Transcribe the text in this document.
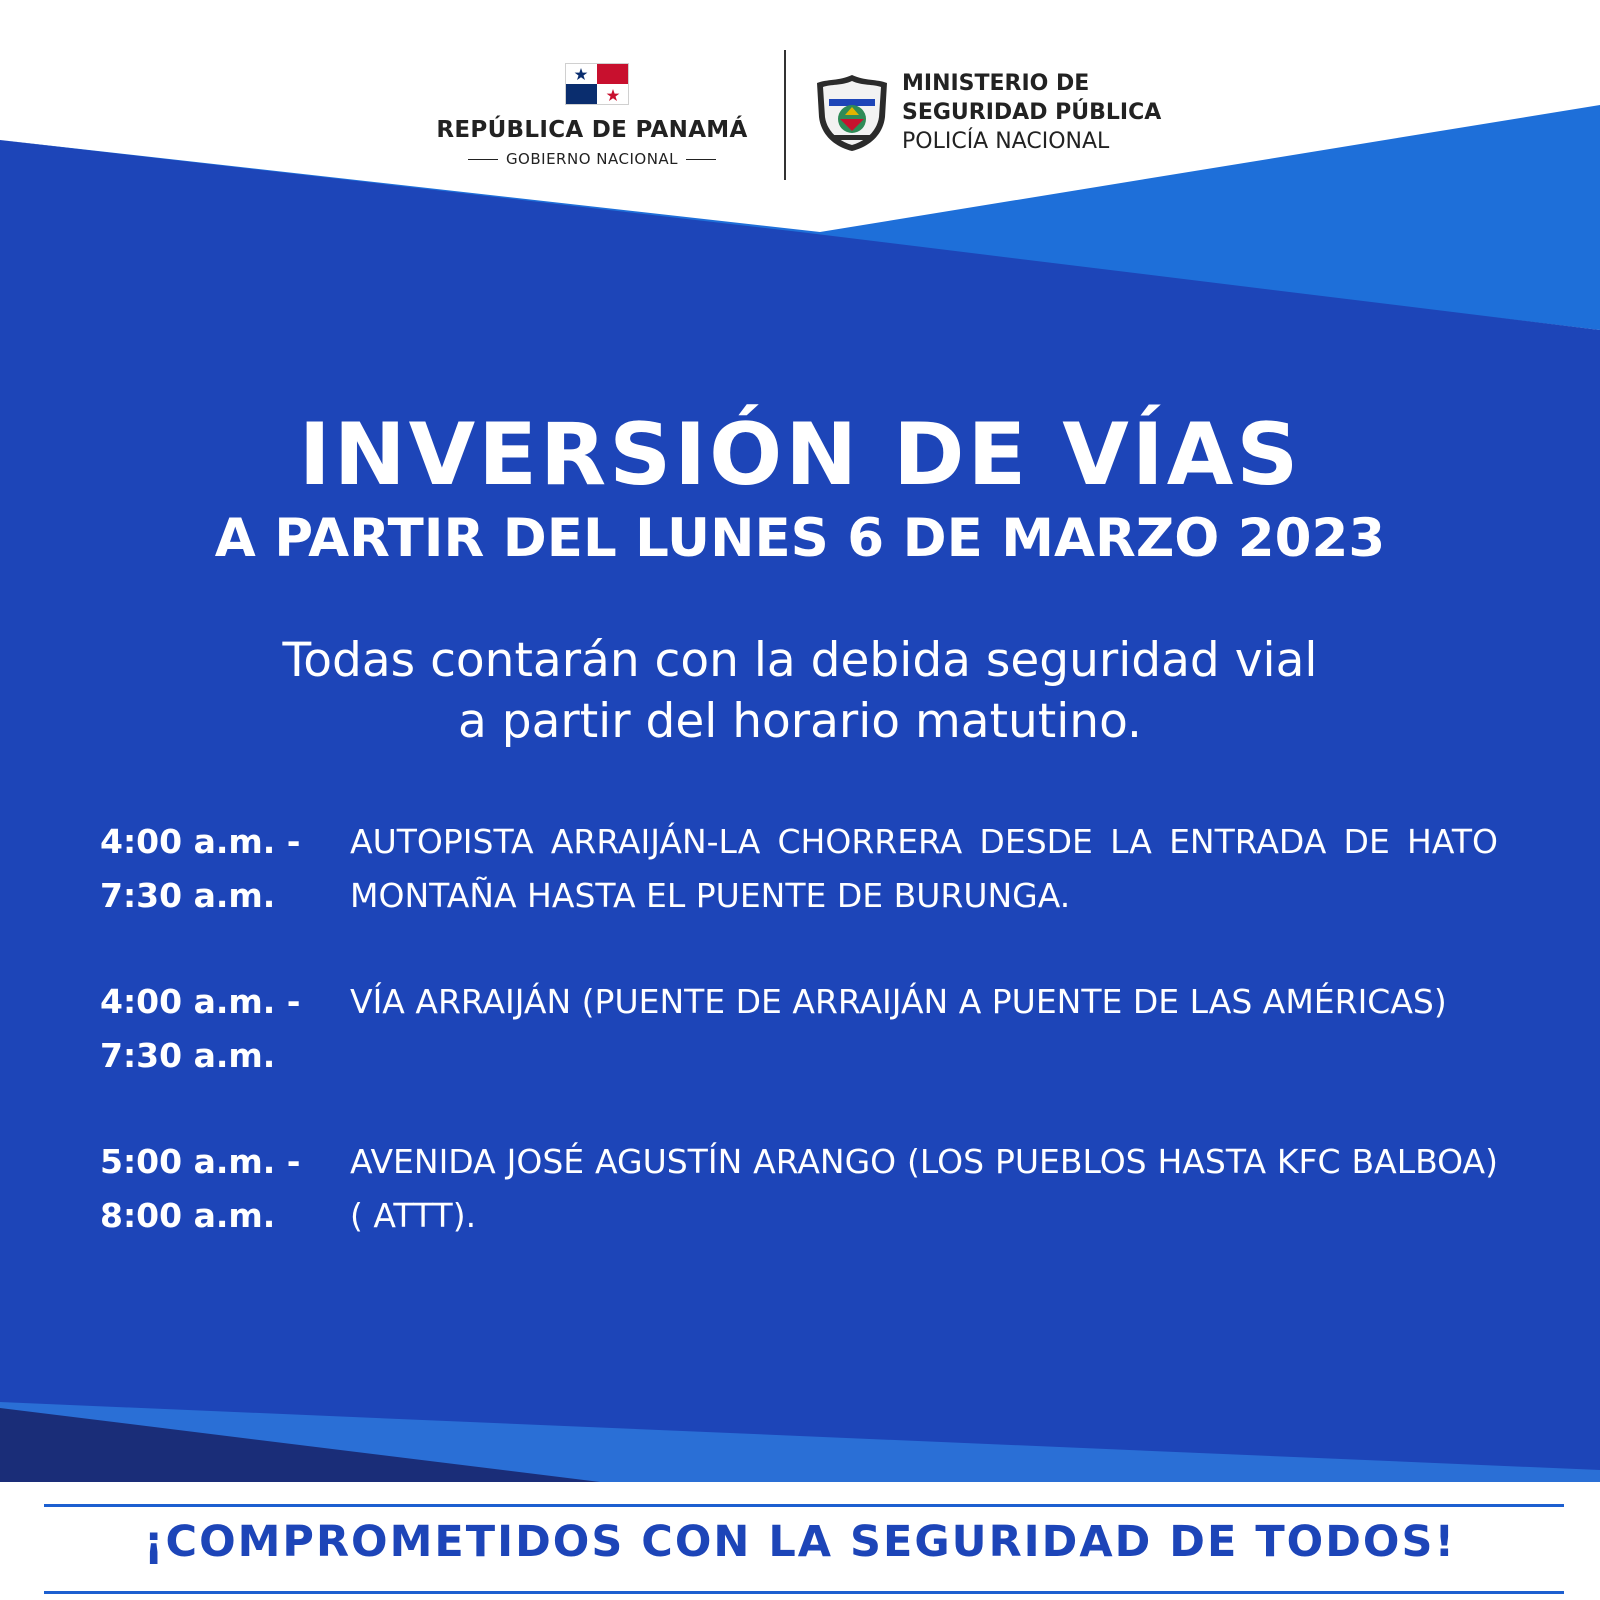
REPÚBLICA DE PANAMÁ
GOBIERNO NACIONAL
MINISTERIO DE
SEGURIDAD PÚBLICA
POLICÍA NACIONAL
INVERSIÓN DE VÍAS
A PARTIR DEL LUNES 6 DE MARZO 2023
Todas contarán con la debida seguridad vial
a partir del horario matutino.
4:00 a.m. -
7:30 a.m.
AUTOPISTA ARRAIJÁN-LA CHORRERA DESDE LA ENTRADA DE HATO MONTAÑA HASTA EL PUENTE DE BURUNGA.
4:00 a.m. -
7:30 a.m.
VÍA ARRAIJÁN (PUENTE DE ARRAIJÁN A PUENTE DE LAS AMÉRICAS)
5:00 a.m. -
8:00 a.m.
AVENIDA JOSÉ AGUSTÍN ARANGO (LOS PUEBLOS HASTA KFC BALBOA) ( ATTT).
¡COMPROMETIDOS CON LA SEGURIDAD DE TODOS!
